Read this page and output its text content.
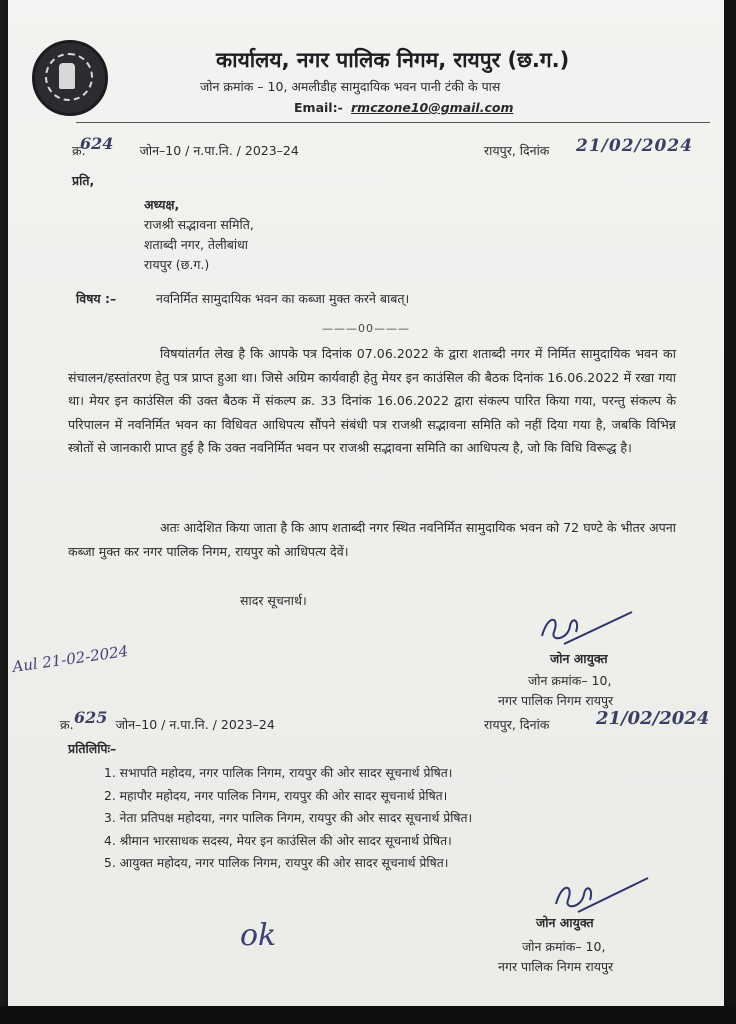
कार्यालय, नगर पालिक निगम, रायपुर (छ.ग.)
जोन क्रमांक – 10, अमलीडीह सामुदायिक भवन पानी टंकी के पास
Email:- rmczone10@gmail.com
क्र.	जोन–10 / न.पा.नि. / 2023–24
624	रायपुर, दिनांक 21/02/2024
प्रति,
अध्यक्ष,
राजश्री सद्भावना समिति,
शताब्दी नगर, तेलीबांधा
रायपुर (छ.ग.)
विषय :–	नवनिर्मित सामुदायिक भवन का कब्जा मुक्त करने बाबत्।
———00———
विषयांतर्गत लेख है कि आपके पत्र दिनांक 07.06.2022 के द्वारा शताब्दी नगर में निर्मित सामुदायिक भवन का संचालन/हस्तांतरण हेतु पत्र प्राप्त हुआ था। जिसे अग्रिम कार्यवाही हेतु मेयर इन काउंसिल की बैठक दिनांक 16.06.2022 में रखा गया था। मेयर इन काउंसिल की उक्त बैठक में संकल्प क्र. 33 दिनांक 16.06.2022 द्वारा संकल्प पारित किया गया, परन्तु संकल्प के परिपालन में नवनिर्मित भवन का विधिवत आधिपत्य सौंपने संबंधी पत्र राजश्री सद्भावना समिति को नहीं दिया गया है, जबकि विभिन्न स्त्रोतों से जानकारी प्राप्त हुई है कि उक्त नवनिर्मित भवन पर राजश्री सद्भावना समिति का आधिपत्य है, जो कि विधि विरूद्ध है।
अतः आदेशित किया जाता है कि आप शताब्दी नगर स्थित नवनिर्मित सामुदायिक भवन को 72 घण्टे के भीतर अपना कब्जा मुक्त कर नगर पालिक निगम, रायपुर को आधिपत्य देवें।
सादर सूचनार्थ।
जोन आयुक्त
जोन क्रमांक– 10,
नगर पालिक निगम रायपुर
Aul 21-02-2024
क्र.	जोन–10 / न.पा.नि. / 2023–24
625	रायपुर, दिनांक	21/02/2024
प्रतिलिपिः–
1. सभापति महोदय, नगर पालिक निगम, रायपुर की ओर सादर सूचनार्थ प्रेषित।
2. महापौर महोदय, नगर पालिक निगम, रायपुर की ओर सादर सूचनार्थ प्रेषित।
3. नेता प्रतिपक्ष महोदया, नगर पालिक निगम, रायपुर की ओर सादर सूचनार्थ प्रेषित।
4. श्रीमान भारसाधक सदस्य, मेयर इन काउंसिल की ओर सादर सूचनार्थ प्रेषित।
5. आयुक्त महोदय, नगर पालिक निगम, रायपुर की ओर सादर सूचनार्थ प्रेषित।
जोन आयुक्त
जोन क्रमांक– 10,
नगर पालिक निगम रायपुर
ok
